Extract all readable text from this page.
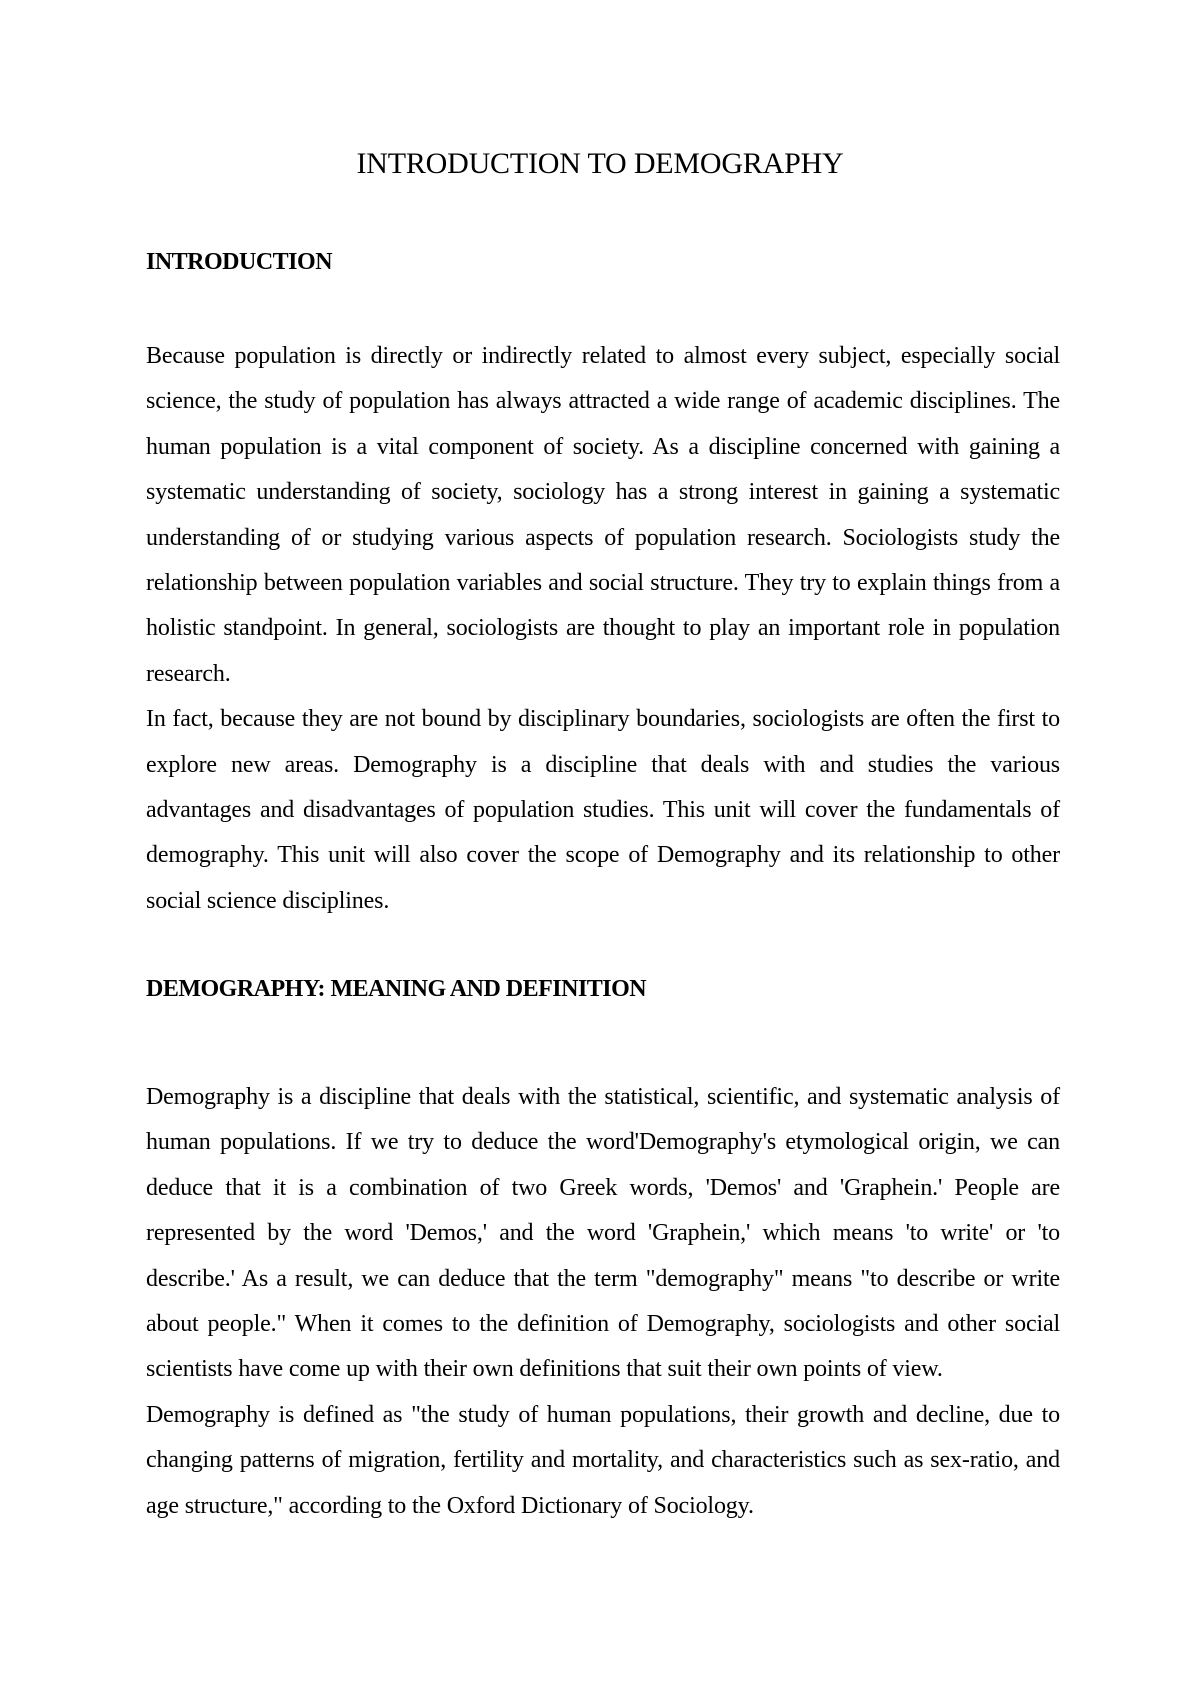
INTRODUCTION TO DEMOGRAPHY
INTRODUCTION

Because population is directly or indirectly related to almost every subject, especially social science, the study of population has always attracted a wide range of academic disciplines. The human population is a vital component of society. As a discipline concerned with gaining a systematic understanding of society, sociology has a strong interest in gaining a systematic understanding of or studying various aspects of population research. Sociologists study the relationship between population variables and social structure. They try to explain things from a holistic standpoint. In general, sociologists are thought to play an important role in population research.

In fact, because they are not bound by disciplinary boundaries, sociologists are often the first to explore new areas. Demography is a discipline that deals with and studies the various advantages and disadvantages of population studies. This unit will cover the fundamentals of demography. This unit will also cover the scope of Demography and its relationship to other social science disciplines.

DEMOGRAPHY: MEANING AND DEFINITION

Demography is a discipline that deals with the statistical, scientific, and systematic analysis of human populations. If we try to deduce the word'Demography's etymological origin, we can deduce that it is a combination of two Greek words, 'Demos' and 'Graphein.' People are represented by the word 'Demos,' and the word 'Graphein,' which means 'to write' or 'to describe.' As a result, we can deduce that the term "demography" means "to describe or write about people." When it comes to the definition of Demography, sociologists and other social scientists have come up with their own definitions that suit their own points of view.

Demography is defined as "the study of human populations, their growth and decline, due to changing patterns of migration, fertility and mortality, and characteristics such as sex-ratio, and age structure," according to the Oxford Dictionary of Sociology.
